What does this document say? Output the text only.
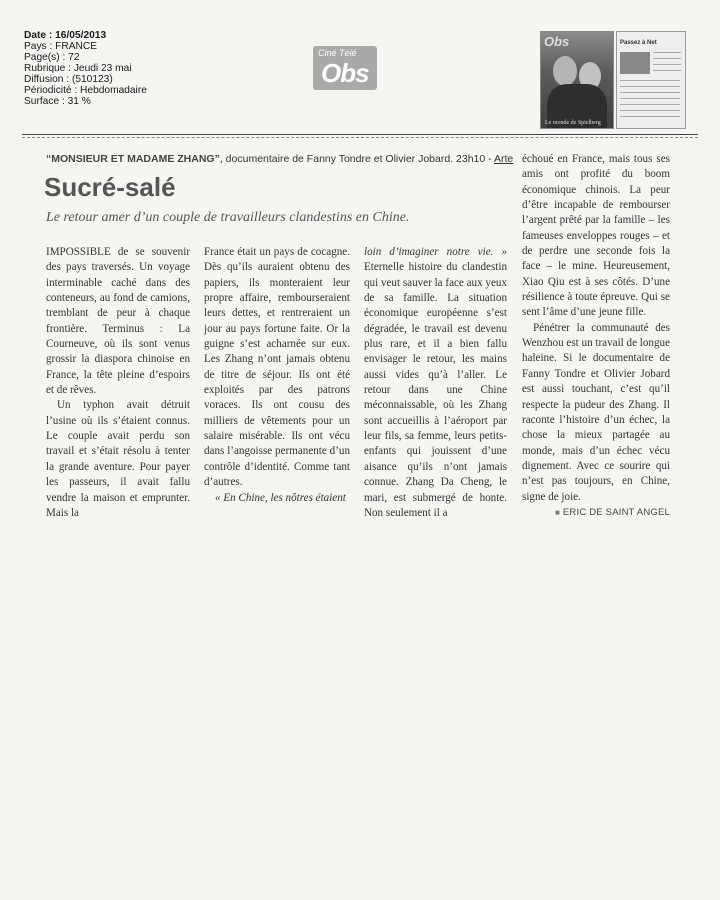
Date : 16/05/2013
Pays : FRANCE
Page(s) : 72
Rubrique : Jeudi 23 mai
Diffusion : (510123)
Périodicité : Hebdomadaire
Surface : 31 %
Ciné Télé
Obs
Obs
Le monde de Spielberg
Passez à Net
“MONSIEUR ET MADAME ZHANG”, documentaire de Fanny Tondre et Olivier Jobard. 23h10 - Arte
Sucré-salé

Le retour amer d’un couple de travailleurs clandestins en Chine.

IMPOSSIBLE de se souvenir des pays traversés. Un voyage interminable caché dans des conteneurs, au fond de camions, tremblant de peur à chaque frontière. Terminus : La Courneuve, où ils sont venus grossir la diaspora chinoise en France, la tête pleine d’espoirs et de rêves.

Un typhon avait détruit l’usine où ils s’étaient connus. Le couple avait perdu son travail et s’était résolu à tenter la grande aventure. Pour payer les passeurs, il avait fallu vendre la maison et emprunter. Mais la

France était un pays de cocagne. Dès qu’ils auraient obtenu des papiers, ils monteraient leur propre affaire, rembourseraient leurs dettes, et rentreraient un jour au pays fortune faite. Or la guigne s’est acharnée sur eux. Les Zhang n’ont jamais obtenu de titre de séjour. Ils ont été exploités par des patrons voraces. Ils ont cousu des milliers de vêtements pour un salaire misérable. Ils ont vécu dans l’angoisse permanente d’un contrôle d’identité. Comme tant d’autres.

« En Chine, les nôtres étaient

loin d’imaginer notre vie. » Eternelle histoire du clandestin qui veut sauver la face aux yeux de sa famille. La situation économique européenne s’est dégradée, le travail est devenu plus rare, et il a bien fallu envisager le retour, les mains aussi vides qu’à l’aller. Le retour dans une Chine méconnaissable, où les Zhang sont accueillis à l’aéroport par leur fils, sa femme, leurs petits-enfants qui jouissent d’une aisance qu’ils n’ont jamais connue. Zhang Da Cheng, le mari, est submergé de honte. Non seulement il a

échoué en France, mais tous ses amis ont profité du boom économique chinois. La peur d’être incapable de rembourser l’argent prêté par la famille – les fameuses enveloppes rouges – et de perdre une seconde fois la face – le mine. Heureusement, Xiao Qiu est à ses côtés. D’une résilience à toute épreuve. Qui se sent l’âme d’une jeune fille.

Pénétrer la communauté des Wenzhou est un travail de longue haleine. Si le documentaire de Fanny Tondre et Olivier Jobard est aussi touchant, c’est qu’il respecte la pudeur des Zhang. Il raconte l’histoire d’un échec, la chose la mieux partagée au monde, mais d’un échec vécu dignement. Avec ce sourire qui n’est pas toujours, en Chine, signe de joie.

■ ERIC DE SAINT ANGEL
